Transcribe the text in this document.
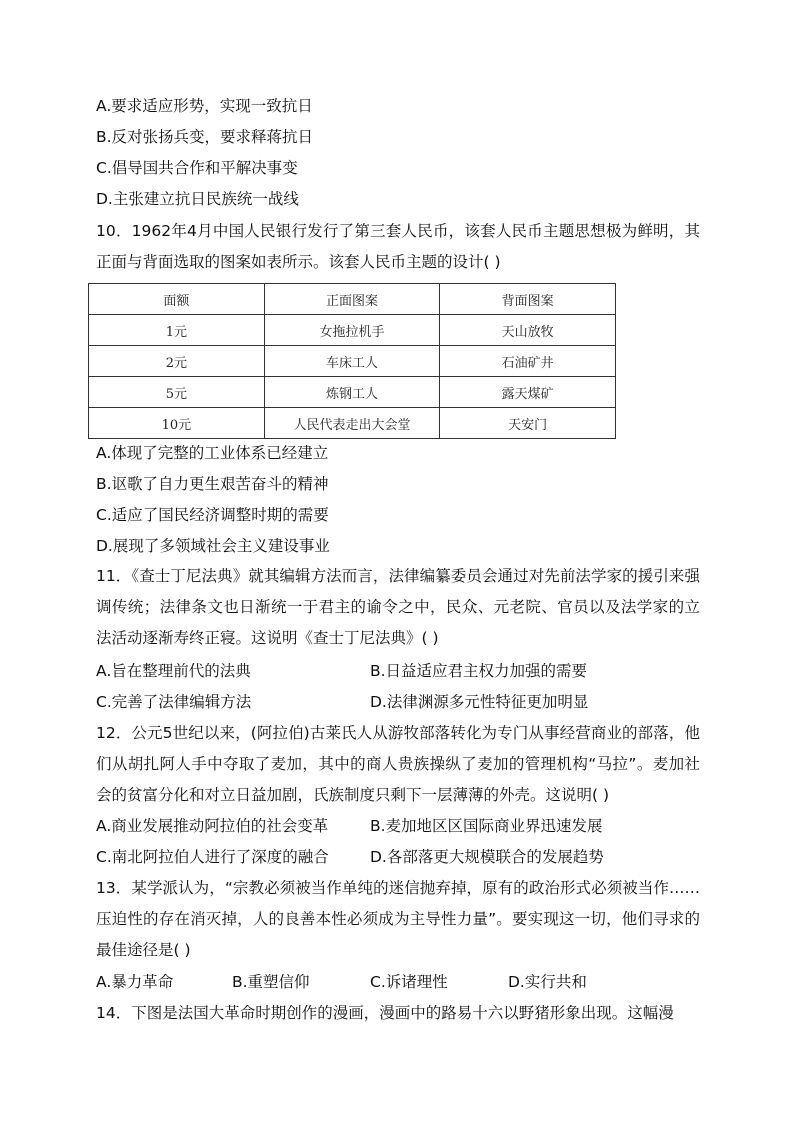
A.要求适应形势，实现一致抗日
B.反对张扬兵变，要求释蒋抗日
C.倡导国共合作和平解决事变
D.主张建立抗日民族统一战线
10．1962年4月中国人民银行发行了第三套人民币，该套人民币主题思想极为鲜明，其正面与背面选取的图案如表所示。该套人民币主题的设计( )
面额	正面图案	背面图案
1元	女拖拉机手	天山放牧
2元	车床工人	石油矿井
5元	炼钢工人	露天煤矿
10元	人民代表走出大会堂	天安门
A.体现了完整的工业体系已经建立
B.讴歌了自力更生艰苦奋斗的精神
C.适应了国民经济调整时期的需要
D.展现了多领域社会主义建设事业
11．《查士丁尼法典》就其编辑方法而言，法律编纂委员会通过对先前法学家的援引来强调传统；法律条文也日渐统一于君主的谕令之中，民众、元老院、官员以及法学家的立法活动逐渐寿终正寝。这说明《查士丁尼法典》( )
A.旨在整理前代的法典	B.日益适应君主权力加强的需要
C.完善了法律编辑方法	D.法律渊源多元性特征更加明显
12．公元5世纪以来，(阿拉伯)古莱氏人从游牧部落转化为专门从事经营商业的部落，他们从胡扎阿人手中夺取了麦加，其中的商人贵族操纵了麦加的管理机构“马拉”。麦加社会的贫富分化和对立日益加剧，氏族制度只剩下一层薄薄的外壳。这说明( )
A.商业发展推动阿拉伯的社会变革	B.麦加地区区国际商业界迅速发展
C.南北阿拉伯人进行了深度的融合	D.各部落更大规模联合的发展趋势
13．某学派认为，“宗教必须被当作单纯的迷信抛弃掉，原有的政治形式必须被当作……压迫性的存在消灭掉，人的良善本性必须成为主导性力量”。要实现这一切，他们寻求的最佳途径是( )
A.暴力革命	B.重塑信仰	C.诉诸理性	D.实行共和
14．下图是法国大革命时期创作的漫画，漫画中的路易十六以野猪形象出现。这幅漫
